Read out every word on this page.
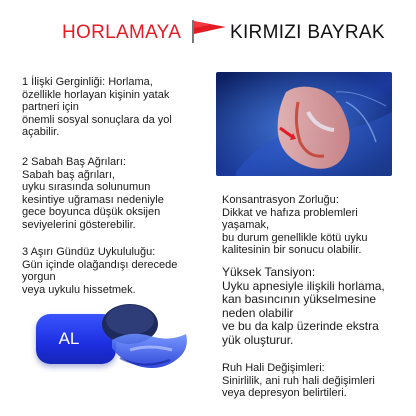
HORLAMAYA	KIRMIZI BAYRAK

1 İlişki Gerginliği: Horlama,

özellikle horlayan kişinin yatak

partneri için

önemli sosyal sonuçlara da yol

açabilir.

2 Sabah Baş Ağrıları:

Sabah baş ağrıları,

uyku sırasında solunumun

kesintiye uğraması nedeniyle

gece boyunca düşük oksijen

seviyelerini gösterebilir.

3 Aşırı Gündüz Uykululuğu:

Gün içinde olağandışı derecede

yorgun

veya uykulu hissetmek.

Konsantrasyon Zorluğu:

Dikkat ve hafıza problemleri

yaşamak,

bu durum genellikle kötü uyku

kalitesinin bir sonucu olabilir.

Yüksek Tansiyon:

Uyku apnesiyle ilişkili horlama,

kan basıncının yükselmesine

neden olabilir

ve bu da kalp üzerinde ekstra

yük oluşturur.

Ruh Hali Değişimleri:

Sinirlilik, ani ruh hali değişimleri

veya depresyon belirtileri.

AL
